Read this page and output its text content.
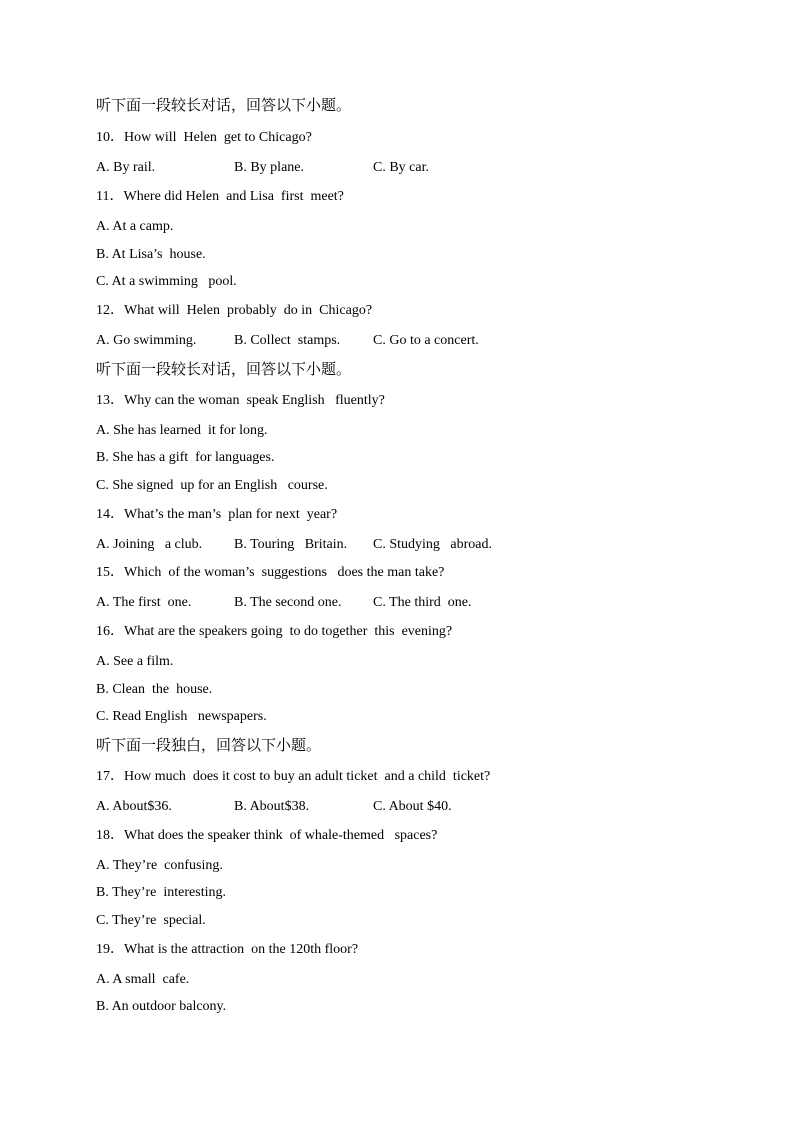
听下面一段较长对话，回答以下小题。
10．How will  Helen  get to Chicago?
A. By rail.	B. By plane.	C. By car.
11．Where did Helen  and Lisa  first  meet?
A. At a camp.
B. At Lisa’s  house.
C. At a swimming   pool.
12．What will  Helen  probably  do in  Chicago?
A. Go swimming.	B. Collect  stamps. C. Go to a concert.
听下面一段较长对话，回答以下小题。
13．Why can the woman  speak English   fluently?
A. She has learned  it for long.
B. She has a gift  for languages.
C. She signed  up for an English   course.
14．What’s the man’s  plan for next  year?
A. Joining   a club. B. Touring   Britain. C. Studying   abroad.
15．Which  of the woman’s  suggestions   does the man take?
A. The first  one.	B. The second one. C. The third  one.
16．What are the speakers going  to do together  this  evening?
A. See a film.
B. Clean  the  house.
C. Read English   newspapers.
听下面一段独白，回答以下小题。
17．How much  does it cost to buy an adult ticket  and a child  ticket?
A. About$36.	B. About$38.	C. About $40.
18．What does the speaker think  of whale-themed   spaces?
A. They’re  confusing.
B. They’re  interesting.
C. They’re  special.
19．What is the attraction  on the 120th floor?
A. A small  cafe.
B. An outdoor balcony.
